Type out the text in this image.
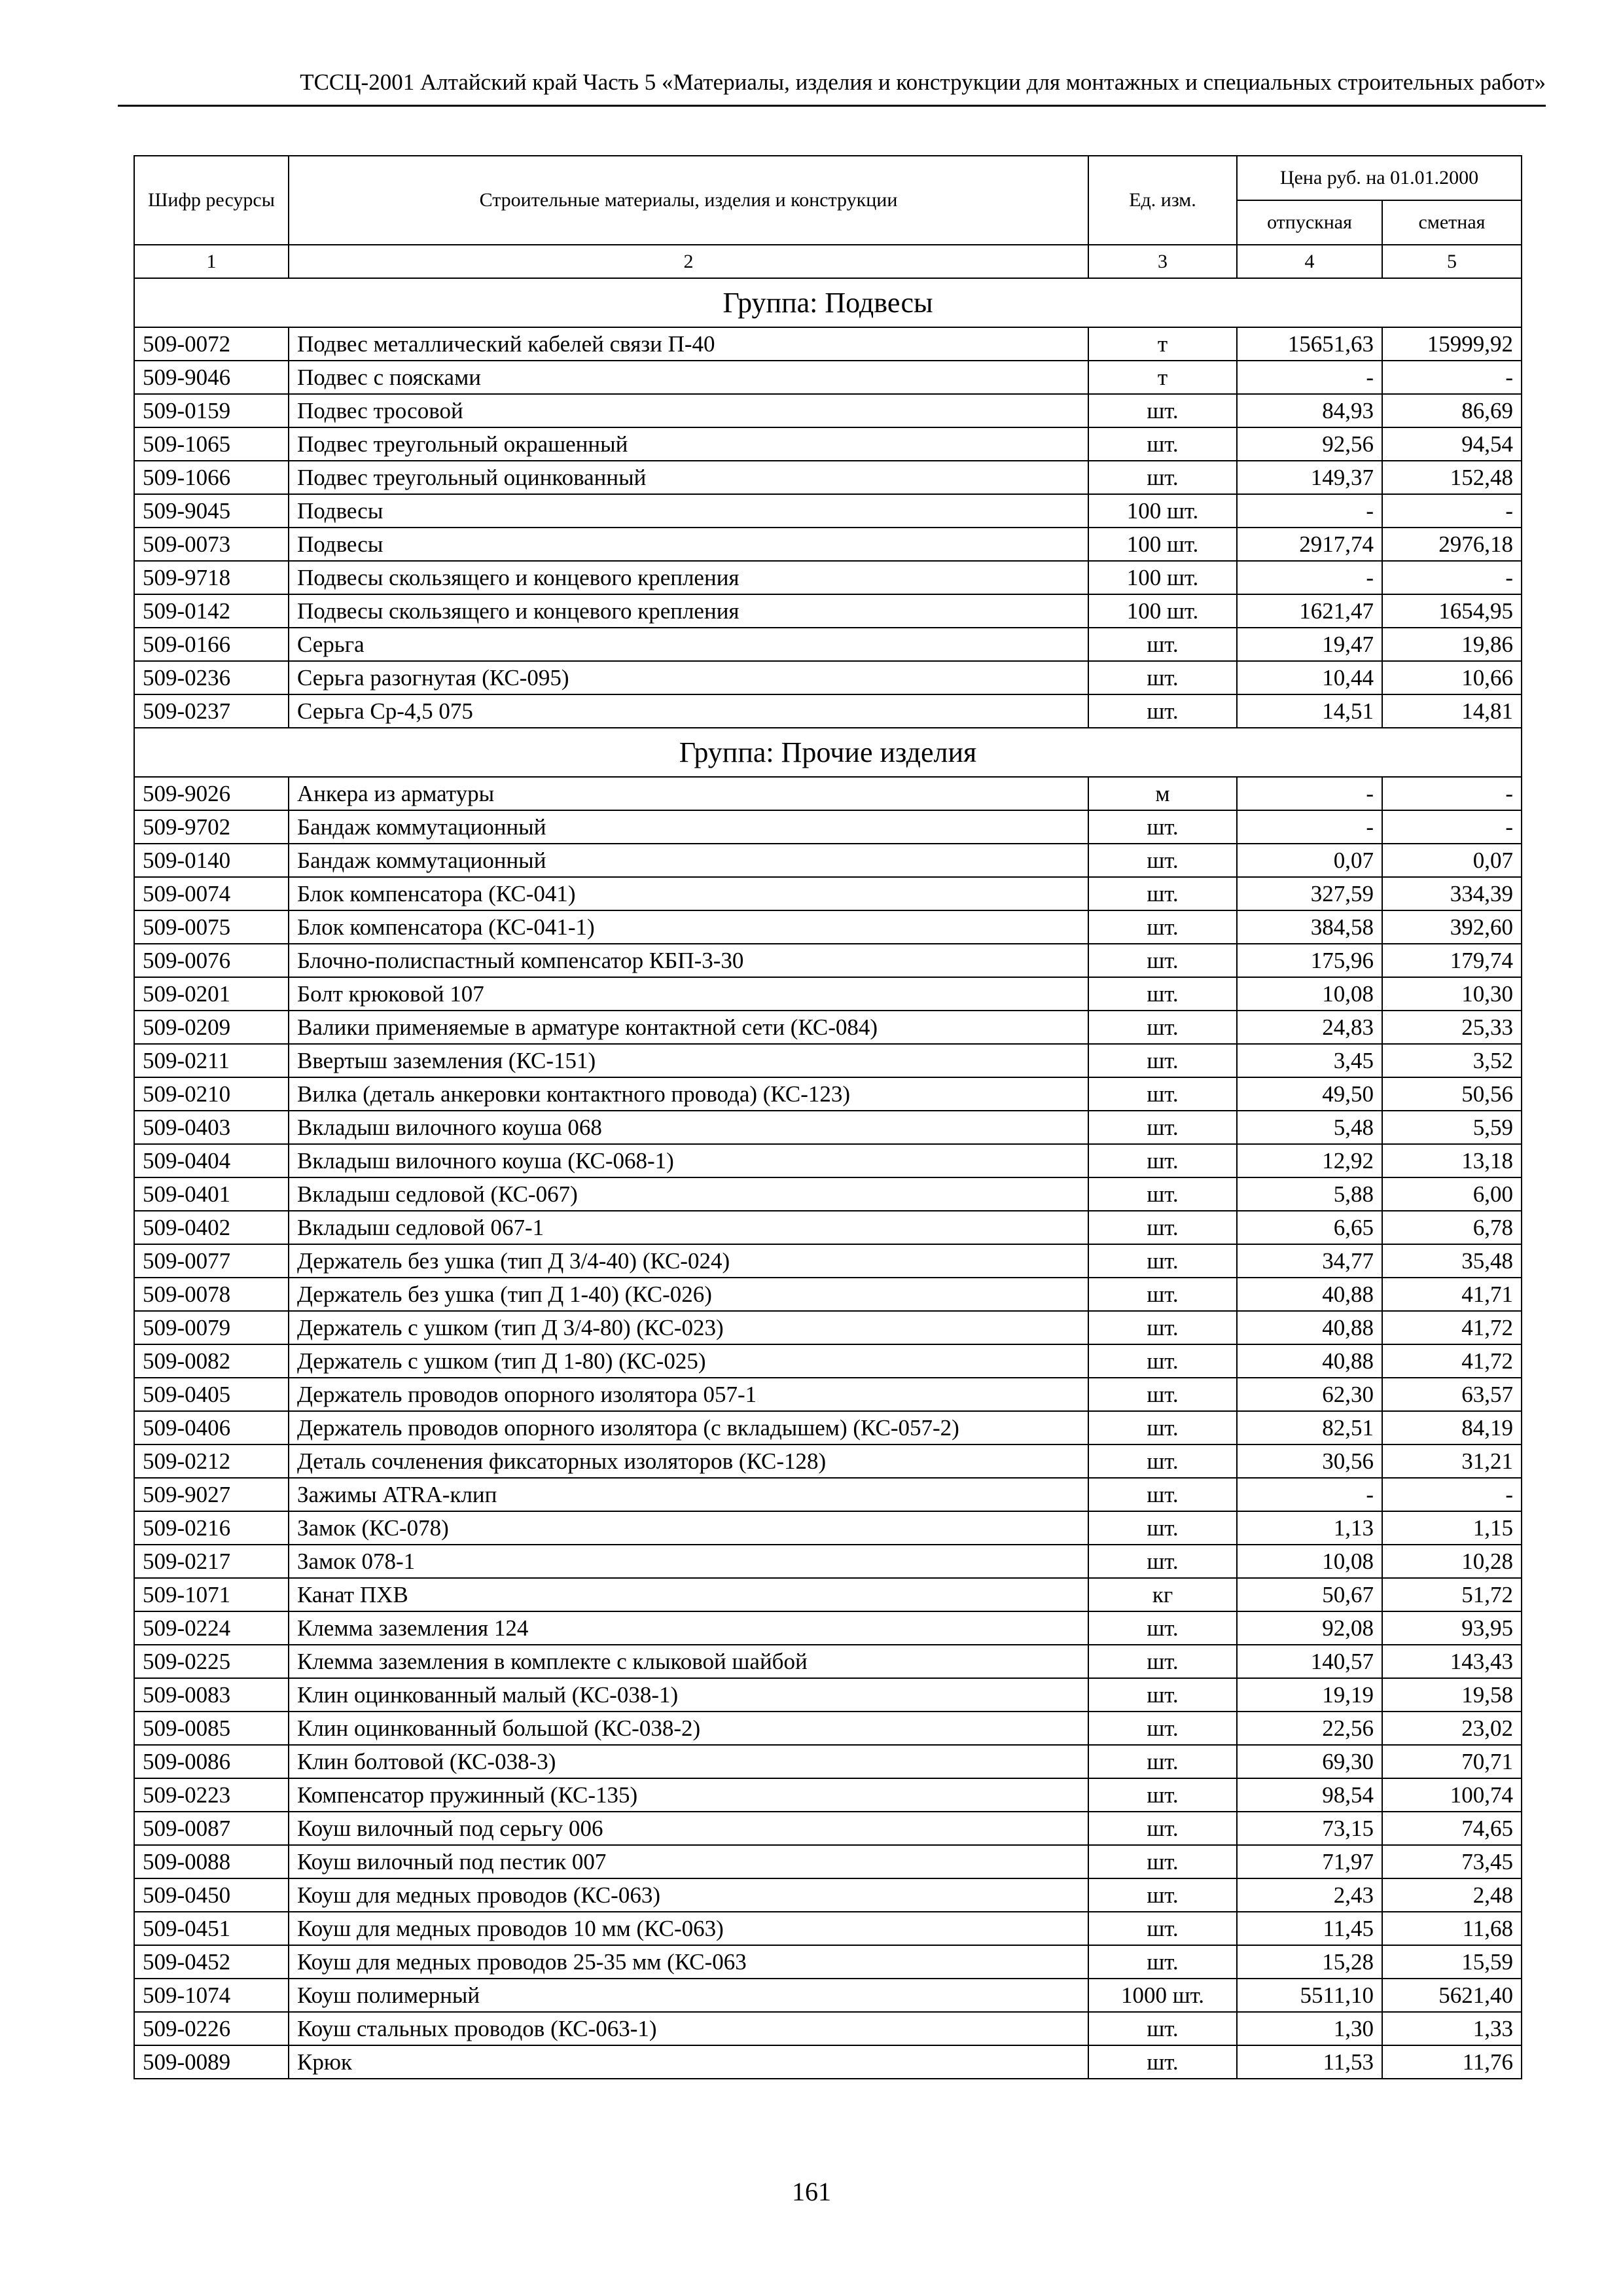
ТССЦ-2001 Алтайский край Часть 5 «Материалы, изделия и конструкции для монтажных и специальных строительных работ»
Шифр ресурсы	Строительные материалы, изделия и конструкции	Ед. изм.	Цена руб. на 01.01.2000	
			отпускная	сметная
1	2	3	4	5
Группа: Подвесы				
509-0072	Подвес металлический кабелей связи П-40	т	15651,63	15999,92
509-9046	Подвес с поясками	т	-	-
509-0159	Подвес тросовой	шт.	84,93	86,69
509-1065	Подвес треугольный окрашенный	шт.	92,56	94,54
509-1066	Подвес треугольный оцинкованный	шт.	149,37	152,48
509-9045	Подвесы	100 шт.	-	-
509-0073	Подвесы	100 шт.	2917,74	2976,18
509-9718	Подвесы скользящего и концевого крепления	100 шт.	-	-
509-0142	Подвесы скользящего и концевого крепления	100 шт.	1621,47	1654,95
509-0166	Серьга	шт.	19,47	19,86
509-0236	Серьга разогнутая (КС-095)	шт.	10,44	10,66
509-0237	Серьга Ср-4,5 075	шт.	14,51	14,81
Группа: Прочие изделия				
509-9026	Анкера из арматуры	м	-	-
509-9702	Бандаж коммутационный	шт.	-	-
509-0140	Бандаж коммутационный	шт.	0,07	0,07
509-0074	Блок компенсатора (КС-041)	шт.	327,59	334,39
509-0075	Блок компенсатора (КС-041-1)	шт.	384,58	392,60
509-0076	Блочно-полиспастный компенсатор КБП-3-30	шт.	175,96	179,74
509-0201	Болт крюковой 107	шт.	10,08	10,30
509-0209	Валики применяемые в арматуре контактной сети (КС-084)	шт.	24,83	25,33
509-0211	Ввертыш заземления (КС-151)	шт.	3,45	3,52
509-0210	Вилка (деталь анкеровки контактного провода) (КС-123)	шт.	49,50	50,56
509-0403	Вкладыш вилочного коуша 068	шт.	5,48	5,59
509-0404	Вкладыш вилочного коуша (КС-068-1)	шт.	12,92	13,18
509-0401	Вкладыш седловой (КС-067)	шт.	5,88	6,00
509-0402	Вкладыш седловой 067-1	шт.	6,65	6,78
509-0077	Держатель без ушка (тип Д 3/4-40) (КС-024)	шт.	34,77	35,48
509-0078	Держатель без ушка (тип Д 1-40) (КС-026)	шт.	40,88	41,71
509-0079	Держатель с ушком (тип Д 3/4-80) (КС-023)	шт.	40,88	41,72
509-0082	Держатель с ушком (тип Д 1-80) (КС-025)	шт.	40,88	41,72
509-0405	Держатель проводов опорного изолятора 057-1	шт.	62,30	63,57
509-0406	Держатель проводов опорного изолятора (с вкладышем) (КС-057-2)	шт.	82,51	84,19
509-0212	Деталь сочленения фиксаторных изоляторов (КС-128)	шт.	30,56	31,21
509-9027	Зажимы ATRA-клип	шт.	-	-
509-0216	Замок (КС-078)	шт.	1,13	1,15
509-0217	Замок 078-1	шт.	10,08	10,28
509-1071	Канат ПХВ	кг	50,67	51,72
509-0224	Клемма заземления 124	шт.	92,08	93,95
509-0225	Клемма заземления в комплекте с клыковой шайбой	шт.	140,57	143,43
509-0083	Клин оцинкованный малый (КС-038-1)	шт.	19,19	19,58
509-0085	Клин оцинкованный большой (КС-038-2)	шт.	22,56	23,02
509-0086	Клин болтовой (КС-038-3)	шт.	69,30	70,71
509-0223	Компенсатор пружинный (КС-135)	шт.	98,54	100,74
509-0087	Коуш вилочный под серьгу 006	шт.	73,15	74,65
509-0088	Коуш вилочный под пестик 007	шт.	71,97	73,45
509-0450	Коуш для медных проводов (КС-063)	шт.	2,43	2,48
509-0451	Коуш для медных проводов 10 мм (КС-063)	шт.	11,45	11,68
509-0452	Коуш для медных проводов 25-35 мм (КС-063	шт.	15,28	15,59
509-1074	Коуш полимерный	1000 шт.	5511,10	5621,40
509-0226	Коуш стальных проводов (КС-063-1)	шт.	1,30	1,33
509-0089	Крюк	шт.	11,53	11,76
161
